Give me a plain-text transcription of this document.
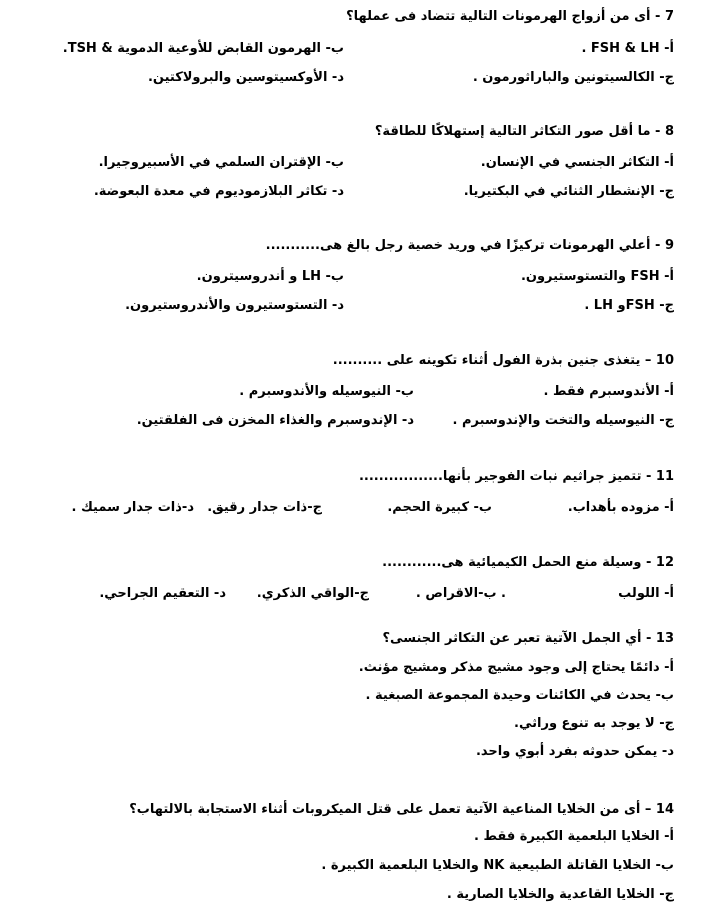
7 - أى من أزواج الهرمونات التالية تتضاد فى عملها؟
أ- FSH & LH .
ب- الهرمون القابض للأوعية الدموية & TSH.
ج- الكالسيتونين والباراثورمون .
د- الأوكسيتوسين والبرولاكتين.
8 - ما أقل صور التكاثر التالية إستهلاكًا للطاقة؟
أ- التكاثر الجنسي في الإنسان.
ب- الإقتران السلمي في الأسبيروجيرا.
ج- الإنشطار الثنائي في البكتيريا.
د- تكاثر البلازموديوم في معدة البعوضة.
9 - أعلي الهرمونات تركيزًا في وريد خصية رجل بالغ هى...........
أ- FSH والتستوستيرون.
ب- LH و أندروسيترون.
ج- FSHو LH .
د- التستوستيرون والأندروستيرون.
10 – يتغذى جنين بذرة الفول أثناء تكوينه على ..........
أ- الأندوسبرم فقط .
ب- النيوسيله والأندوسبرم .
ج- النيوسيله والتخت والإندوسبرم .
د- الإندوسبرم والغذاء المخزن فى الفلقتين.
11 - تتميز جراثيم نبات الفوجير بأنها.................
أ- مزوده بأهداب.
ب- كبيرة الحجم.
ج-ذات جدار رقيق.
د-ذات جدار سميك .
12 - وسيلة منع الحمل الكيميائية هى............
أ- اللولب
. ب-الاقراص .
ج-الواقي الذكري.
د- التعقيم الجراحي.
13 - أي الجمل الآتية تعبر عن التكاثر الجنسى؟
أ- دائمًا يحتاج إلى وجود مشيج مذكر ومشيج مؤنث.
ب- يحدث في الكائنات وحيدة المجموعة الصبغية .
ج- لا يوجد به تنوع وراثي.
د- يمكن حدوثه بفرد أبوي واحد.
14 – أى من الخلايا المناعية الآتية تعمل على قتل الميكروبات أثناء الاستجابة بالالتهاب؟
أ- الخلايا البلعمية الكبيرة فقط .
ب- الخلايا القاتلة الطبيعية NK والخلايا البلعمية الكبيرة .
ج- الخلايا القاعدية والخلايا الصارية .
